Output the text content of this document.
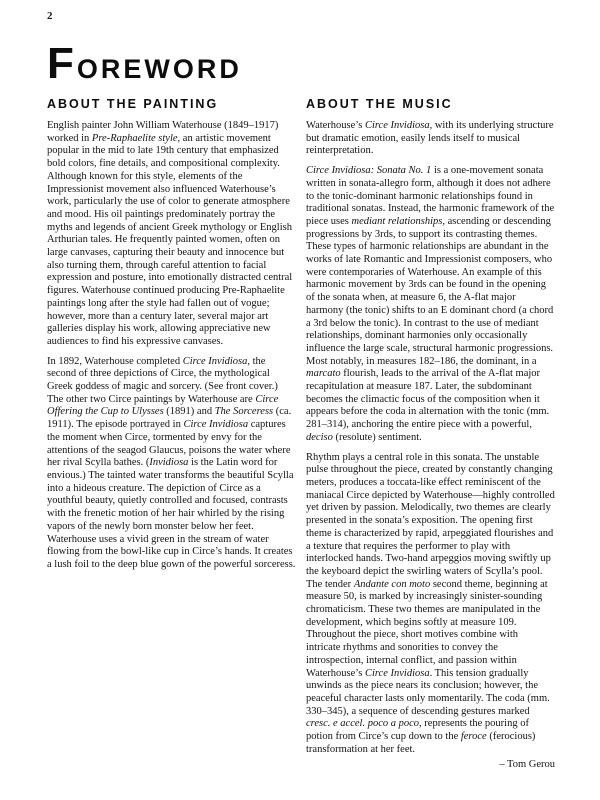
2
FOREWORD
ABOUT THE PAINTING

English painter John William Waterhouse (1849–1917) worked in Pre-Raphaelite style, an artistic movement popular in the mid to late 19th century that emphasized bold colors, fine details, and compositional complexity. Although known for this style, elements of the Impressionist movement also influenced Waterhouse’s work, particularly the use of color to generate atmosphere and mood. His oil paintings predominately portray the myths and legends of ancient Greek mythology or English Arthurian tales. He frequently painted women, often on large canvases, capturing their beauty and innocence but also turning them, through careful attention to facial expression and posture, into emotionally distracted central figures. Waterhouse continued producing Pre-Raphaelite paintings long after the style had fallen out of vogue; however, more than a century later, several major art galleries display his work, allowing appreciative new audiences to find his expressive canvases.

In 1892, Waterhouse completed Circe Invidiosa, the second of three depictions of Circe, the mythological Greek goddess of magic and sorcery. (See front cover.) The other two Circe paintings by Waterhouse are Circe Offering the Cup to Ulysses (1891) and The Sorceress (ca. 1911). The episode portrayed in Circe Invidiosa captures the moment when Circe, tormented by envy for the attentions of the seagod Glaucus, poisons the water where her rival Scylla bathes. (Invidiosa is the Latin word for envious.) The tainted water transforms the beautiful Scylla into a hideous creature. The depiction of Circe as a youthful beauty, quietly controlled and focused, contrasts with the frenetic motion of her hair whirled by the rising vapors of the newly born monster below her feet. Waterhouse uses a vivid green in the stream of water flowing from the bowl-like cup in Circe’s hands. It creates a lush foil to the deep blue gown of the powerful sorceress.

ABOUT THE MUSIC

Waterhouse’s Circe Invidiosa, with its underlying structure but dramatic emotion, easily lends itself to musical reinterpretation.

Circe Invidiosa: Sonata No. 1 is a one-movement sonata written in sonata-allegro form, although it does not adhere to the tonic-dominant harmonic relationships found in traditional sonatas. Instead, the harmonic framework of the piece uses mediant relationships, ascending or descending progressions by 3rds, to support its contrasting themes. These types of harmonic relationships are abundant in the works of late Romantic and Impressionist composers, who were contemporaries of Waterhouse. An example of this harmonic movement by 3rds can be found in the opening of the sonata when, at measure 6, the A-flat major harmony (the tonic) shifts to an E dominant chord (a chord a 3rd below the tonic). In contrast to the use of mediant relationships, dominant harmonies only occasionally influence the large scale, structural harmonic progressions. Most notably, in measures 182–186, the dominant, in a marcato flourish, leads to the arrival of the A-flat major recapitulation at measure 187. Later, the subdominant becomes the climactic focus of the composition when it appears before the coda in alternation with the tonic (mm. 281–314), anchoring the entire piece with a powerful, deciso (resolute) sentiment.

Rhythm plays a central role in this sonata. The unstable pulse throughout the piece, created by constantly changing meters, produces a toccata-like effect reminiscent of the maniacal Circe depicted by Waterhouse—highly controlled yet driven by passion. Melodically, two themes are clearly presented in the sonata’s exposition. The opening first theme is characterized by rapid, arpeggiated flourishes and a texture that requires the performer to play with interlocked hands. Two-hand arpeggios moving swiftly up the keyboard depict the swirling waters of Scylla’s pool. The tender Andante con moto second theme, beginning at measure 50, is marked by increasingly sinister-sounding chromaticism. These two themes are manipulated in the development, which begins softly at measure 109. Throughout the piece, short motives combine with intricate rhythms and sonorities to convey the introspection, internal conflict, and passion within Waterhouse’s Circe Invidiosa. This tension gradually unwinds as the piece nears its conclusion; however, the peaceful character lasts only momentarily. The coda (mm. 330–345), a sequence of descending gestures marked cresc. e accel. poco a poco, represents the pouring of potion from Circe’s cup down to the feroce (ferocious) transformation at her feet.

– Tom Gerou
